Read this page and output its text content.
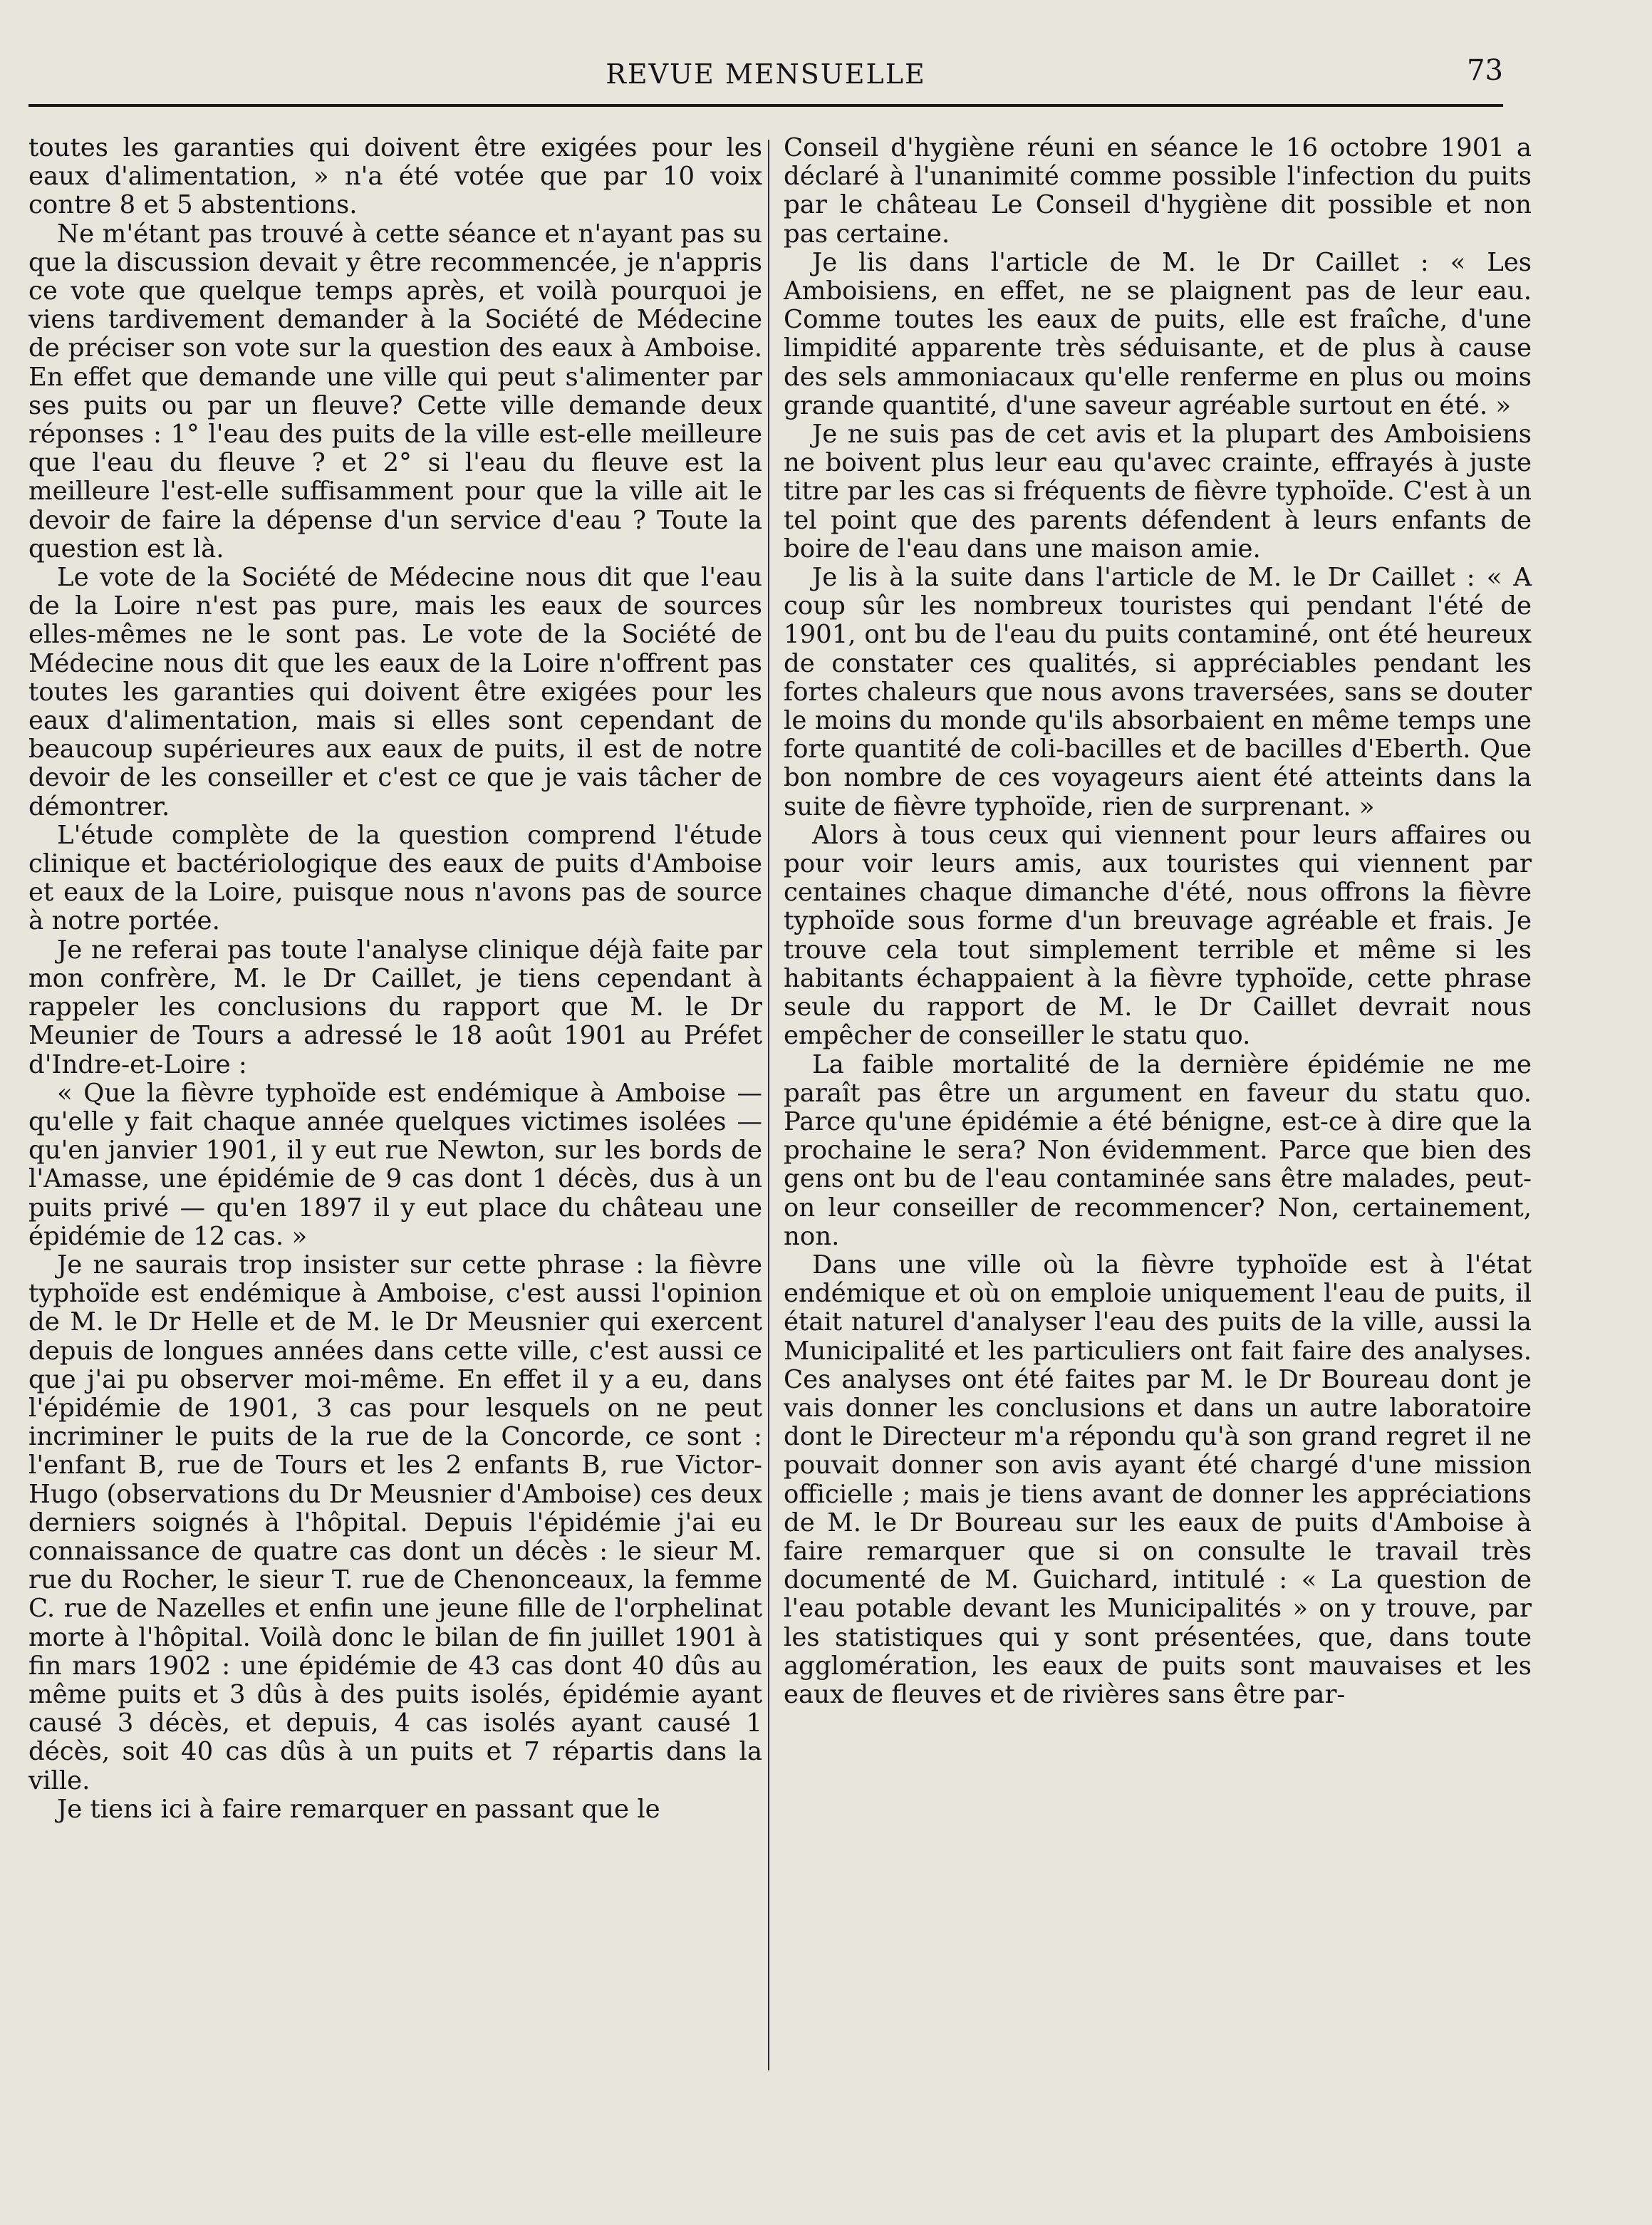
REVUE MENSUELLE	73

toutes les garanties qui doivent être exigées pour les eaux d'alimentation, » n'a été votée que par 10 voix contre 8 et 5 abstentions.

Ne m'étant pas trouvé à cette séance et n'ayant pas su que la discussion devait y être recommencée, je n'appris ce vote que quelque temps après, et voilà pourquoi je viens tardivement demander à la Société de Médecine de préciser son vote sur la question des eaux à Amboise. En effet que demande une ville qui peut s'alimenter par ses puits ou par un fleuve? Cette ville demande deux réponses : 1° l'eau des puits de la ville est-elle meilleure que l'eau du fleuve ? et 2° si l'eau du fleuve est la meilleure l'est-elle suffisamment pour que la ville ait le devoir de faire la dépense d'un service d'eau ? Toute la question est là.

Le vote de la Société de Médecine nous dit que l'eau de la Loire n'est pas pure, mais les eaux de sources elles-mêmes ne le sont pas. Le vote de la Société de Médecine nous dit que les eaux de la Loire n'offrent pas toutes les garanties qui doivent être exigées pour les eaux d'alimentation, mais si elles sont cependant de beaucoup supérieures aux eaux de puits, il est de notre devoir de les conseiller et c'est ce que je vais tâcher de démontrer.

L'étude complète de la question comprend l'étude clinique et bactériologique des eaux de puits d'Amboise et eaux de la Loire, puisque nous n'avons pas de source à notre portée.

Je ne referai pas toute l'analyse clinique déjà faite par mon confrère, M. le Dr Caillet, je tiens cependant à rappeler les conclusions du rapport que M. le Dr Meunier de Tours a adressé le 18 août 1901 au Préfet d'Indre-et-Loire :

« Que la fièvre typhoïde est endémique à Amboise — qu'elle y fait chaque année quelques victimes isolées — qu'en janvier 1901, il y eut rue Newton, sur les bords de l'Amasse, une épidémie de 9 cas dont 1 décès, dus à un puits privé — qu'en 1897 il y eut place du château une épidémie de 12 cas. »

Je ne saurais trop insister sur cette phrase : la fièvre typhoïde est endémique à Amboise, c'est aussi l'opinion de M. le Dr Helle et de M. le Dr Meusnier qui exercent depuis de longues années dans cette ville, c'est aussi ce que j'ai pu observer moi-même. En effet il y a eu, dans l'épidémie de 1901, 3 cas pour lesquels on ne peut incriminer le puits de la rue de la Concorde, ce sont : l'enfant B, rue de Tours et les 2 enfants B, rue Victor-Hugo (observations du Dr Meusnier d'Amboise) ces deux derniers soignés à l'hôpital. Depuis l'épidémie j'ai eu connaissance de quatre cas dont un décès : le sieur M. rue du Rocher, le sieur T. rue de Chenonceaux, la femme C. rue de Nazelles et enfin une jeune fille de l'orphelinat morte à l'hôpital. Voilà donc le bilan de fin juillet 1901 à fin mars 1902 : une épidémie de 43 cas dont 40 dûs au même puits et 3 dûs à des puits isolés, épidémie ayant causé 3 décès, et depuis, 4 cas isolés ayant causé 1 décès, soit 40 cas dûs à un puits et 7 répartis dans la ville.

Je tiens ici à faire remarquer en passant que le

Conseil d'hygiène réuni en séance le 16 octobre 1901 a déclaré à l'unanimité comme possible l'infection du puits par le château Le Conseil d'hygiène dit possible et non pas certaine.

Je lis dans l'article de M. le Dr Caillet : « Les Amboisiens, en effet, ne se plaignent pas de leur eau. Comme toutes les eaux de puits, elle est fraîche, d'une limpidité apparente très séduisante, et de plus à cause des sels ammoniacaux qu'elle renferme en plus ou moins grande quantité, d'une saveur agréable surtout en été. »

Je ne suis pas de cet avis et la plupart des Amboisiens ne boivent plus leur eau qu'avec crainte, effrayés à juste titre par les cas si fréquents de fièvre typhoïde. C'est à un tel point que des parents défendent à leurs enfants de boire de l'eau dans une maison amie.

Je lis à la suite dans l'article de M. le Dr Caillet : « A coup sûr les nombreux touristes qui pendant l'été de 1901, ont bu de l'eau du puits contaminé, ont été heureux de constater ces qualités, si appréciables pendant les fortes chaleurs que nous avons traversées, sans se douter le moins du monde qu'ils absorbaient en même temps une forte quantité de coli-bacilles et de bacilles d'Eberth. Que bon nombre de ces voyageurs aient été atteints dans la suite de fièvre typhoïde, rien de surprenant. »

Alors à tous ceux qui viennent pour leurs affaires ou pour voir leurs amis, aux touristes qui viennent par centaines chaque dimanche d'été, nous offrons la fièvre typhoïde sous forme d'un breuvage agréable et frais. Je trouve cela tout simplement terrible et même si les habitants échappaient à la fièvre typhoïde, cette phrase seule du rapport de M. le Dr Caillet devrait nous empêcher de conseiller le statu quo.

La faible mortalité de la dernière épidémie ne me paraît pas être un argument en faveur du statu quo. Parce qu'une épidémie a été bénigne, est-ce à dire que la prochaine le sera? Non évidemment. Parce que bien des gens ont bu de l'eau contaminée sans être malades, peut-on leur conseiller de recommencer? Non, certainement, non.

Dans une ville où la fièvre typhoïde est à l'état endémique et où on emploie uniquement l'eau de puits, il était naturel d'analyser l'eau des puits de la ville, aussi la Municipalité et les particuliers ont fait faire des analyses. Ces analyses ont été faites par M. le Dr Boureau dont je vais donner les conclusions et dans un autre laboratoire dont le Directeur m'a répondu qu'à son grand regret il ne pouvait donner son avis ayant été chargé d'une mission officielle ; mais je tiens avant de donner les appréciations de M. le Dr Boureau sur les eaux de puits d'Amboise à faire remarquer que si on consulte le travail très documenté de M. Guichard, intitulé : « La question de l'eau potable devant les Municipalités » on y trouve, par les statistiques qui y sont présentées, que, dans toute agglomération, les eaux de puits sont mauvaises et les eaux de fleuves et de rivières sans être par-
